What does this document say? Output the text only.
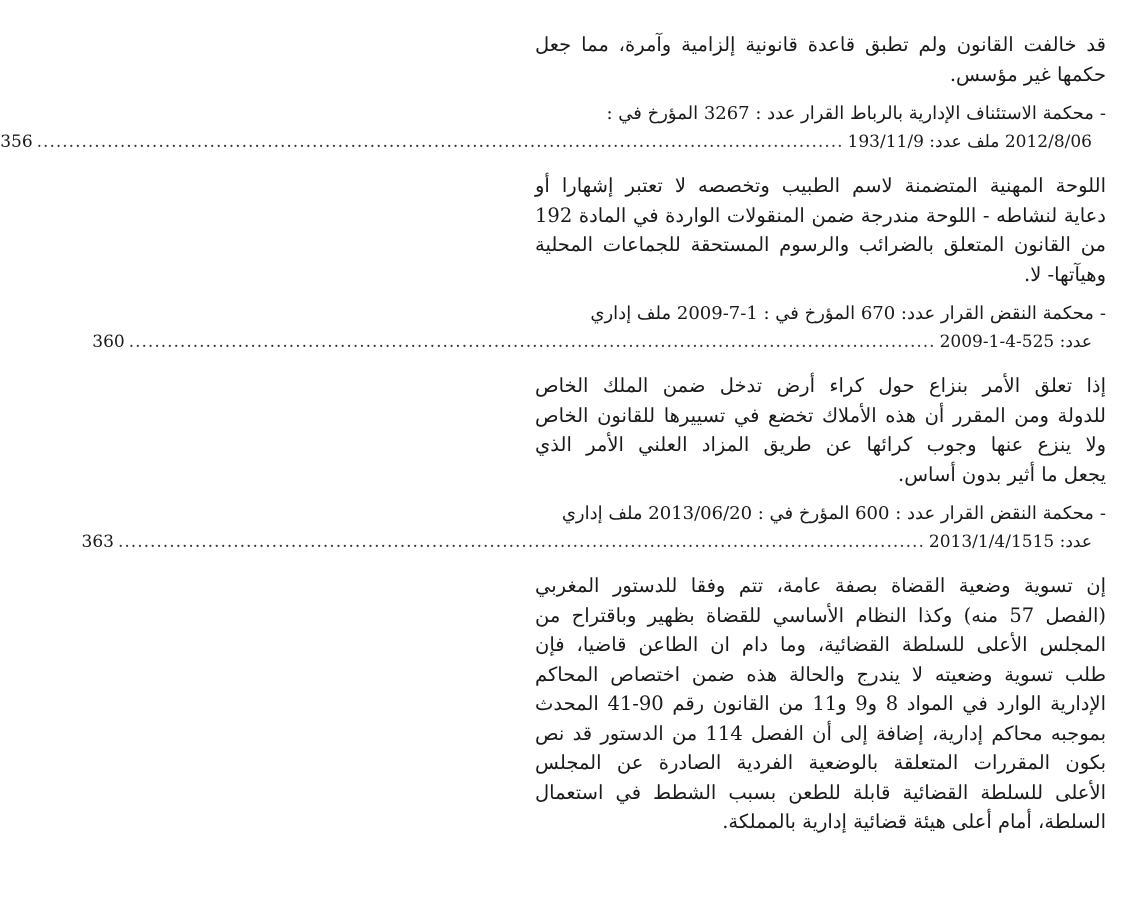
قد خالفت القانون ولم تطبق قاعدة قانونية إلزامية وآمرة، مما جعل
حكمها غير مؤسس.

-محكمة الاستئناف الإدارية بالرباط القرار عدد : 3267 المؤرخ في :
2012/8/06 ملف عدد: 193/11/9
..............................................................................................................................
356

اللوحة المهنية المتضمنة لاسم الطبيب وتخصصه لا تعتبر إشهارا أو
دعاية لنشاطه - اللوحة مندرجة ضمن المنقولات الواردة في المادة 192
من القانون المتعلق بالضرائب والرسوم المستحقة للجماعات المحلية
وهيآتها- لا.

-محكمة النقض القرار عدد: 670 المؤرخ في : 1-7-2009 ملف إداري
عدد: 525-4-1-2009
..............................................................................................................................
360

إذا تعلق الأمر بنزاع حول كراء أرض تدخل ضمن الملك الخاص
للدولة ومن المقرر أن هذه الأملاك تخضع في تسييرها للقانون الخاص
ولا ينزع عنها وجوب كرائها عن طريق المزاد العلني الأمر الذي
يجعل ما أثير بدون أساس.

-محكمة النقض القرار عدد : 600 المؤرخ في : 2013/06/20 ملف إداري
عدد: 2013/1/4/1515
..............................................................................................................................
363

إن تسوية وضعية القضاة بصفة عامة، تتم وفقا للدستور المغربي
(الفصل 57 منه) وكذا النظام الأساسي للقضاة بظهير وباقتراح من
المجلس الأعلى للسلطة القضائية، وما دام ان الطاعن قاضيا، فإن
طلب تسوية وضعيته لا يندرج والحالة هذه ضمن اختصاص المحاكم
الإدارية الوارد في المواد 8 و9 و11 من القانون رقم 90-41 المحدث
بموجبه محاكم إدارية، إضافة إلى أن الفصل 114 من الدستور قد نص
بكون المقررات المتعلقة بالوضعية الفردية الصادرة عن المجلس
الأعلى للسلطة القضائية قابلة للطعن بسبب الشطط في استعمال
السلطة، أمام أعلى هيئة قضائية إدارية بالمملكة.
